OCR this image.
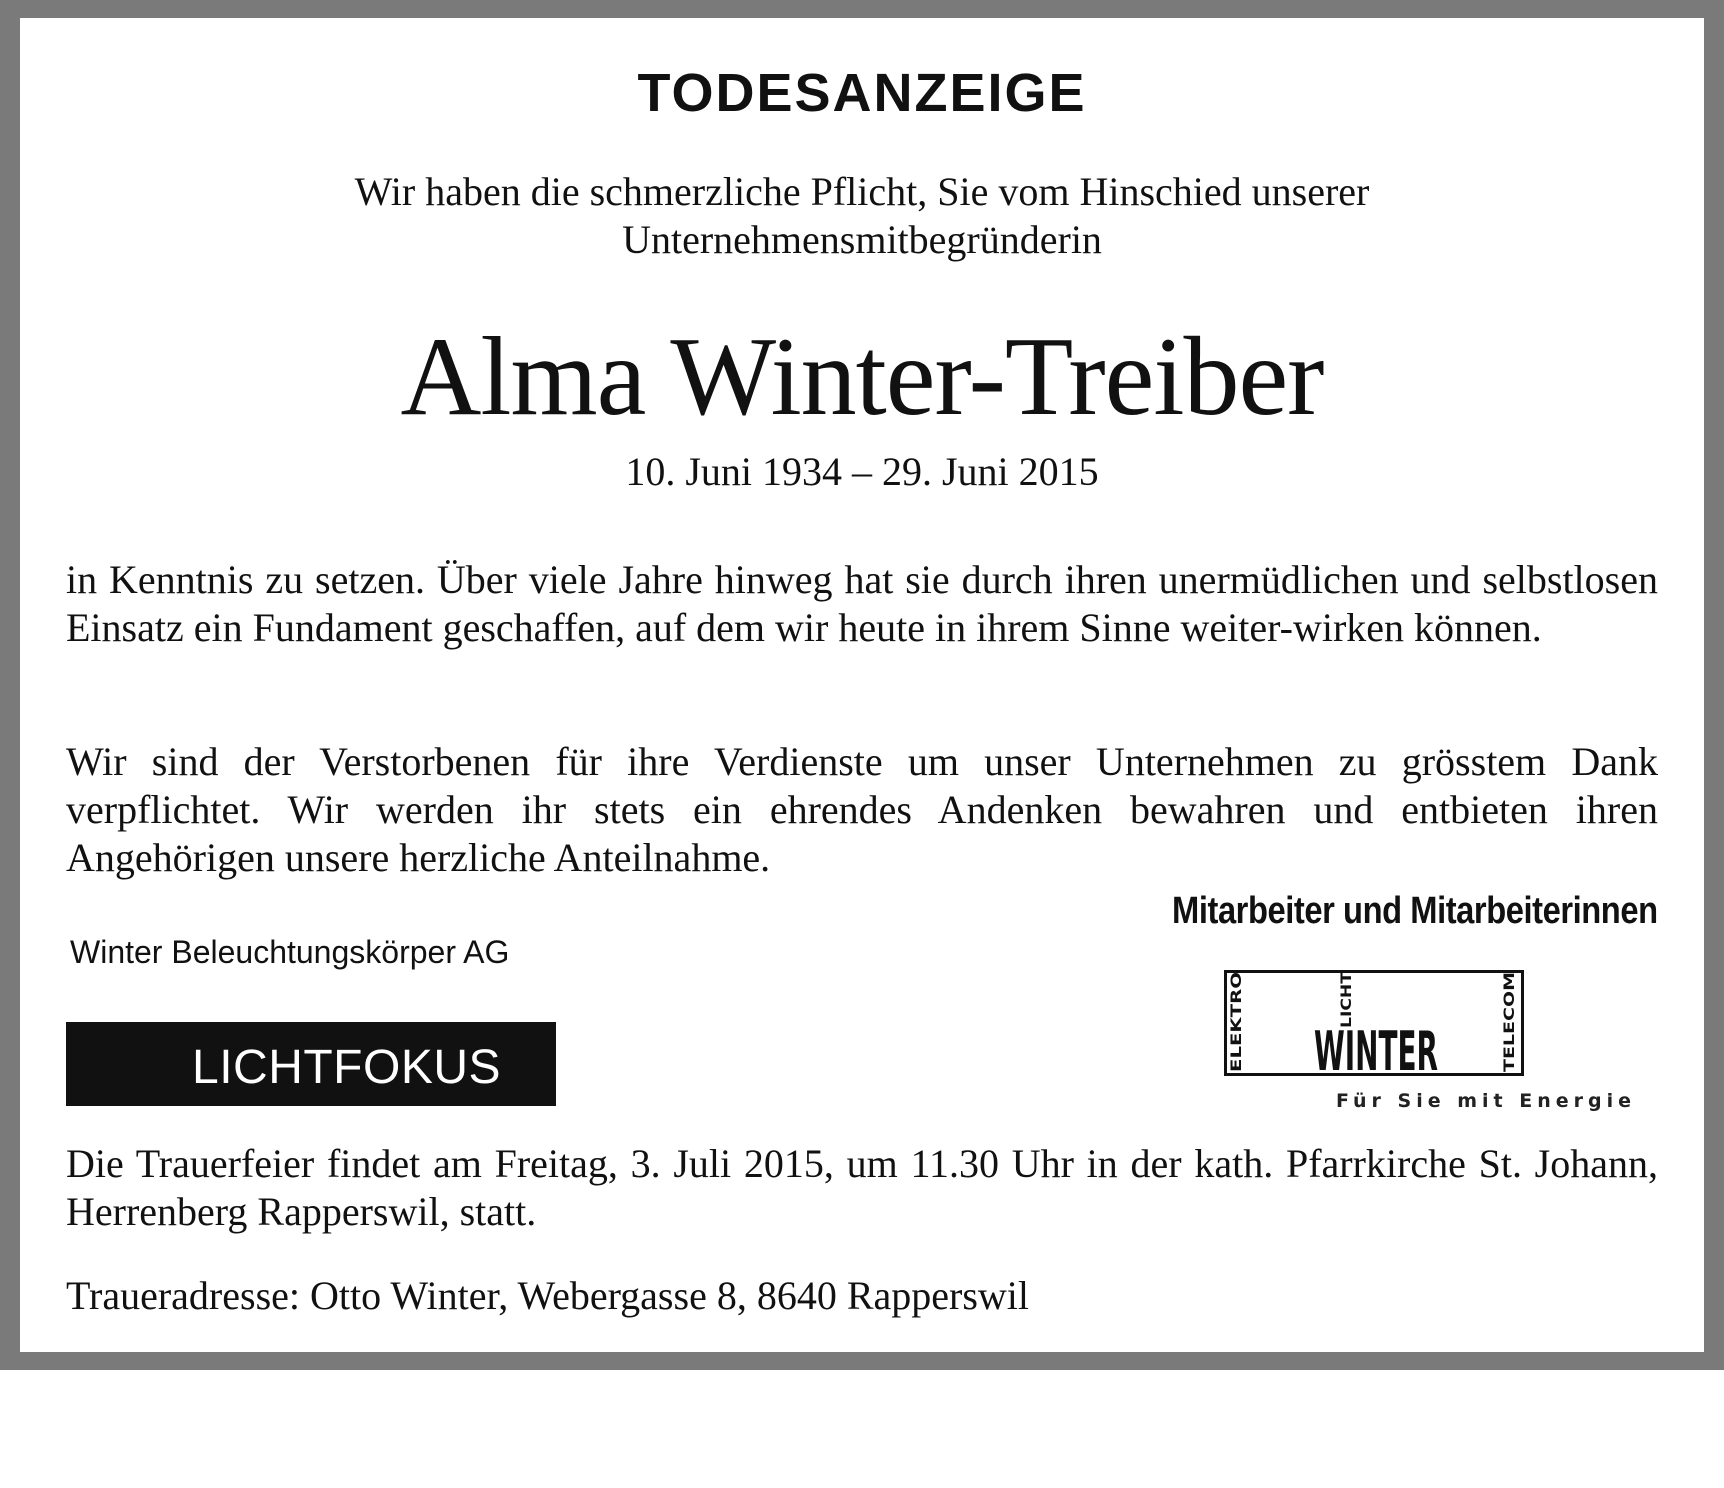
TODESANZEIGE
Wir haben die schmerzliche Pflicht, Sie vom Hinschied unserer
Unternehmensmitbegründerin
Alma Winter-Treiber
10. Juni 1934 – 29. Juni 2015

in Kenntnis zu setzen. Über viele Jahre hinweg hat sie durch ihren unermüdlichen und selbstlosen Einsatz ein Fundament geschaffen, auf dem wir heute in ihrem Sinne weiter-wirken können.

Wir sind der Verstorbenen für ihre Verdienste um unser Unternehmen zu grösstem Dank verpflichtet. Wir werden ihr stets ein ehrendes Andenken bewahren und entbieten ihren Angehörigen unsere herzliche Anteilnahme.

Mitarbeiter und Mitarbeiterinnen
Winter Beleuchtungskörper AG
LICHTFOKUS	WINTER
ELEKTRO	LICHT	TELECOM
Für Sie mit Energie

Die Trauerfeier findet am Freitag, 3. Juli 2015, um 11.30 Uhr in der kath. Pfarrkirche St. Johann, Herrenberg Rapperswil, statt.

Traueradresse: Otto Winter, Webergasse 8, 8640 Rapperswil
